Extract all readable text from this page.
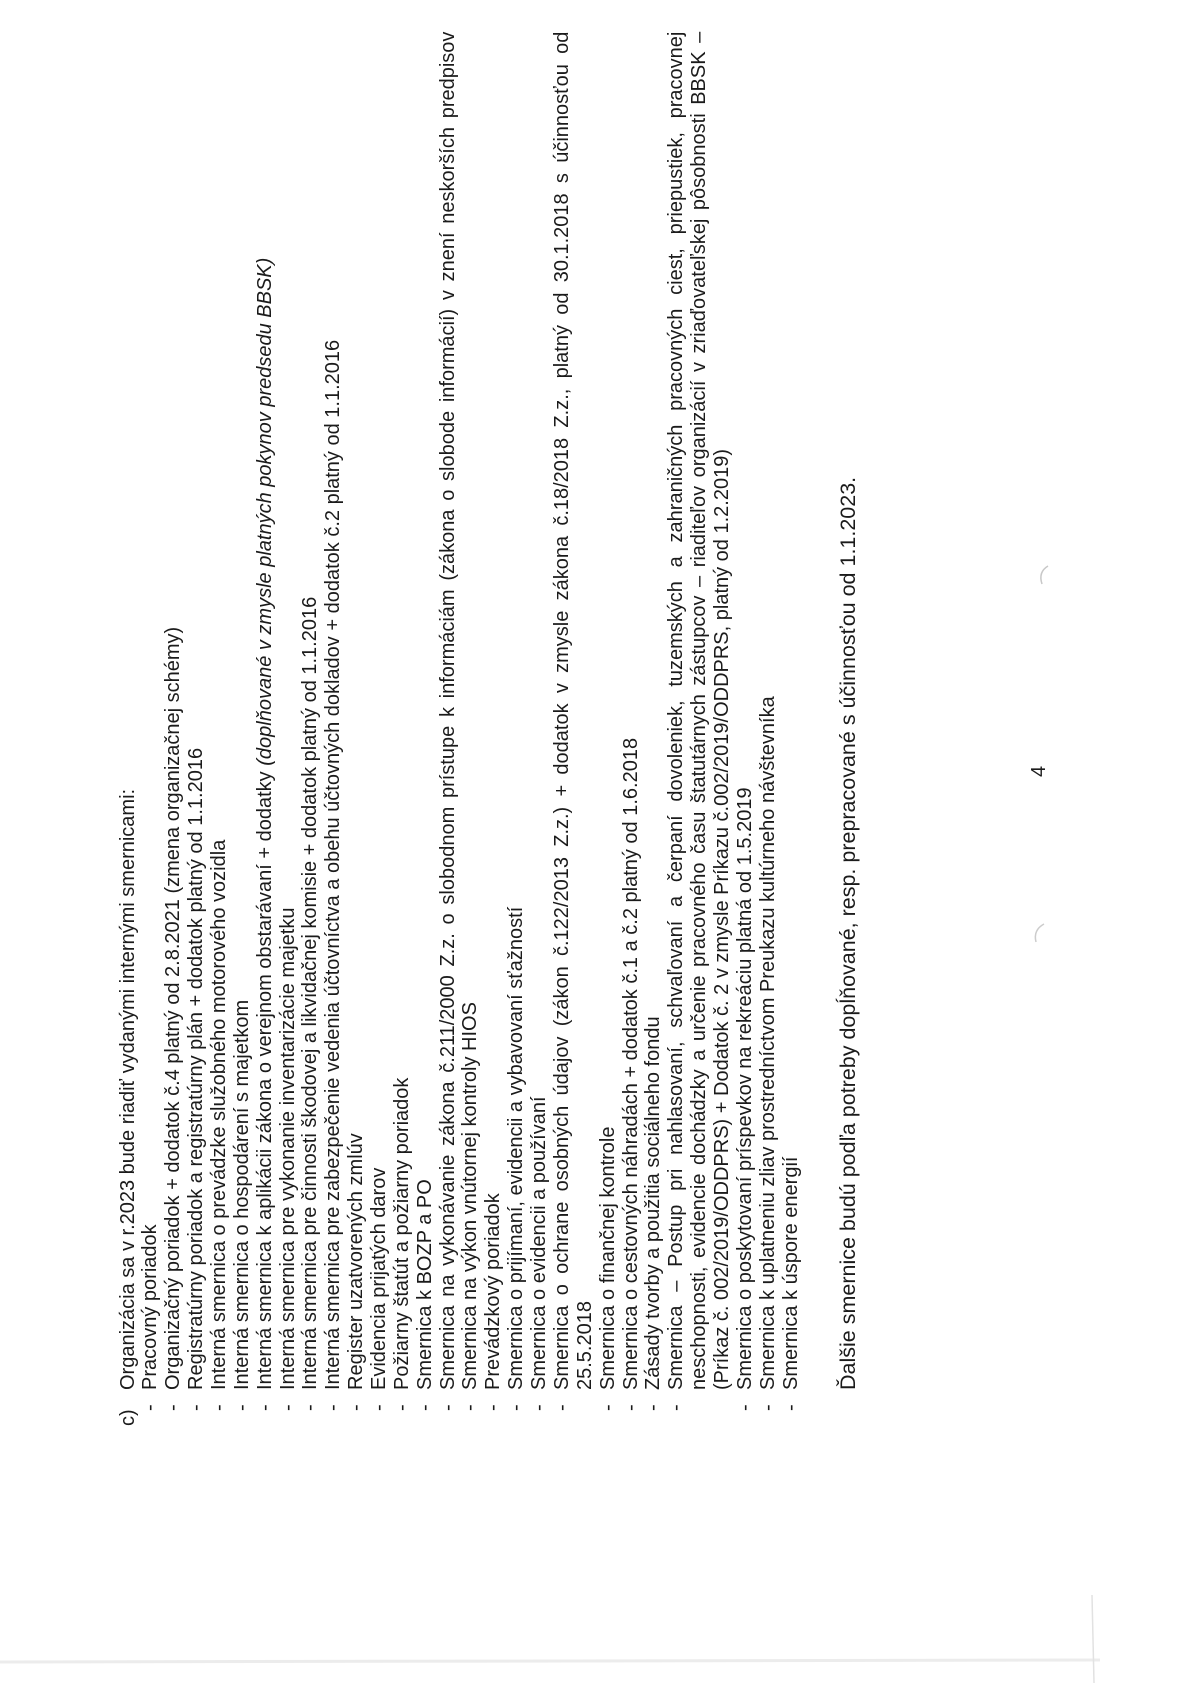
c)
Organizácia sa v r.2023 bude riadiť vydanými internými smernicami:
-
Pracovný poriadok
-
Organizačný poriadok + dodatok č.4 platný od 2.8.2021 (zmena organizačnej schémy)
-
Registratúrny poriadok a registratúrny plán + dodatok platný od 1.1.2016
-
Interná smernica o prevádzke služobného motorového vozidla
-
Interná smernica o hospodárení s majetkom
-
Interná smernica k aplikácii zákona o verejnom obstarávaní + dodatky (doplňované v zmysle platných pokynov predsedu BBSK)
-
Interná smernica pre vykonanie inventarizácie majetku
-
Interná smernica pre činnosti škodovej a likvidačnej komisie + dodatok platný od 1.1.2016
-
Interná smernica pre zabezpečenie vedenia účtovníctva a obehu účtovných dokladov + dodatok č.2 platný od 1.1.2016
-
Register uzatvorených zmlúv
-
Evidencia prijatých darov
-
Požiarny štatút a požiarny poriadok
-
Smernica k BOZP a PO
-
Smernica na vykonávanie zákona č.211/2000 Z.z. o slobodnom prístupe k informáciám (zákona o slobode informácií) v znení neskorších predpisov
-
Smernica na výkon vnútornej kontroly HIOS
-
Prevádzkový poriadok
-
Smernica o prijímaní, evidencii a vybavovaní sťažností
-
Smernica o evidencii a používaní
-
Smernica o ochrane osobných údajov (zákon č.122/2013 Z.z.) + dodatok v zmysle zákona č.18/2018 Z.z., platný od 30.1.2018 s účinnosťou od 25.5.2018
-
Smernica o finančnej kontrole
-
Smernica o cestovných náhradách + dodatok č.1 a č.2 platný od 1.6.2018
-
Zásady tvorby a použitia sociálneho fondu
-
Smernica – Postup pri nahlasovaní, schvaľovaní a čerpaní dovoleniek, tuzemských a zahraničných pracovných ciest, priepustiek, pracovnej neschopnosti, evidencie dochádzky a určenie pracovného času štatutárnych zástupcov – riaditeľov organizácií v zriaďovateľskej pôsobnosti BBSK – (Príkaz č. 002/2019/ODDPRS) + Dodatok č. 2 v zmysle Príkazu č.002/2019/ODDPRS, platný od 1.2.2019)
-
Smernica o poskytovaní príspevkov na rekreáciu platná od 1.5.2019
-
Smernica k uplatneniu zliav prostredníctvom Preukazu kultúrneho návštevníka
-
Smernica k úspore energií Ďalšie smernice budú podľa potreby dopĺňované, resp. prepracované s účinnosťou od 1.1.2023.	4
